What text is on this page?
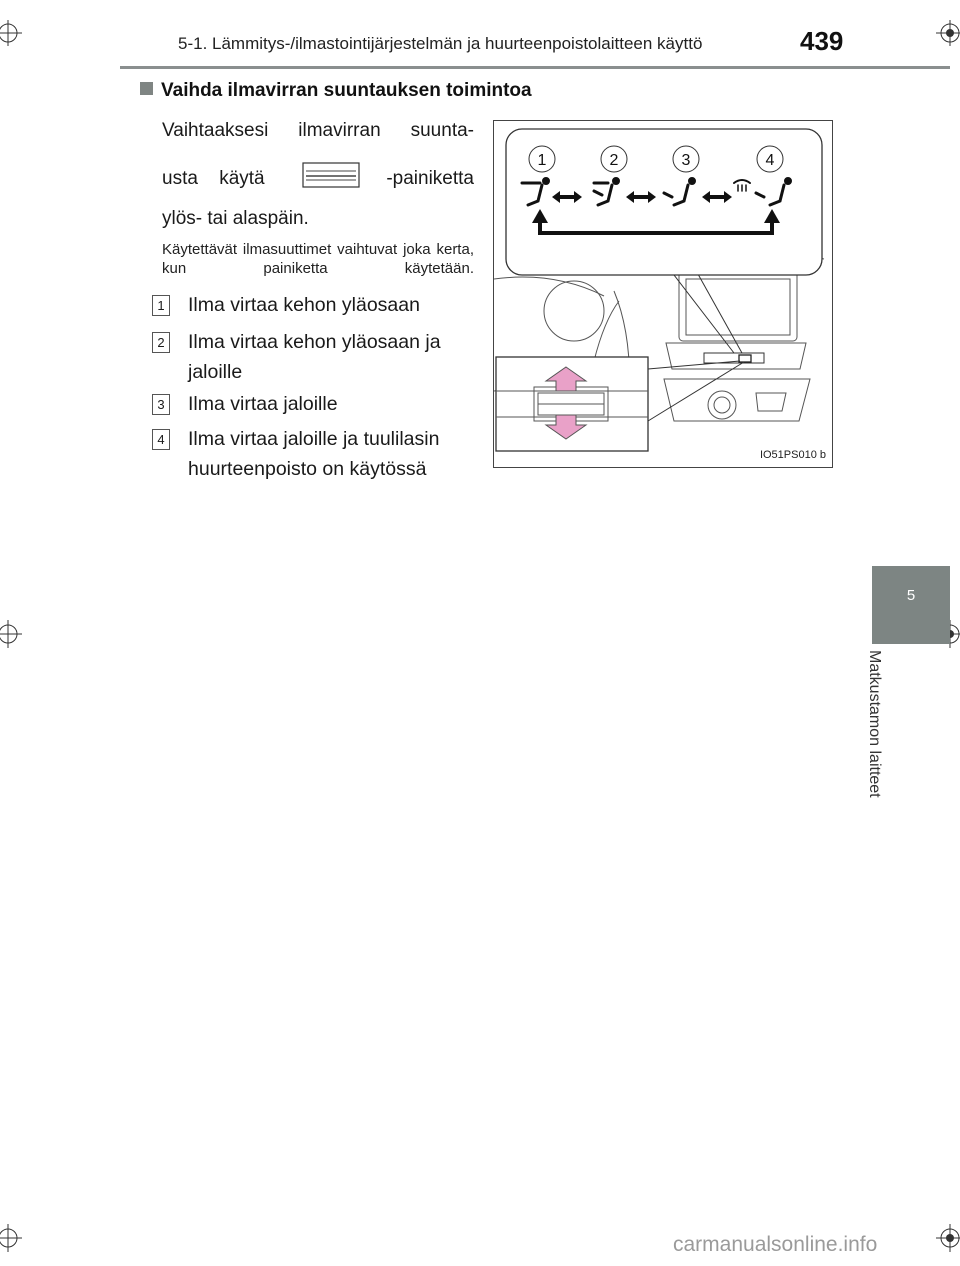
5-1. Lämmitys-/ilmastointijärjestelmän ja huurteenpoistolaitteen käyttö	439
5
Matkustamon laitteet
Vaihda ilmavirran suuntauksen toimintoa
Vaihtaaksesi ilmavirran suunta-
usta käytä	-painiketta
ylös- tai alaspäin.
Käytettävät ilmasuuttimet vaihtuvat joka kerta, kun painiketta käytetään.
1 Ilma virtaa kehon yläosaan
2 Ilma virtaa kehon yläosaan ja jaloille
3 Ilma virtaa jaloille
4 Ilma virtaa jaloille ja tuulilasin huurteenpoisto on käytössä
1	2	3	4
IO51PS010 b
carmanualsonline.info
